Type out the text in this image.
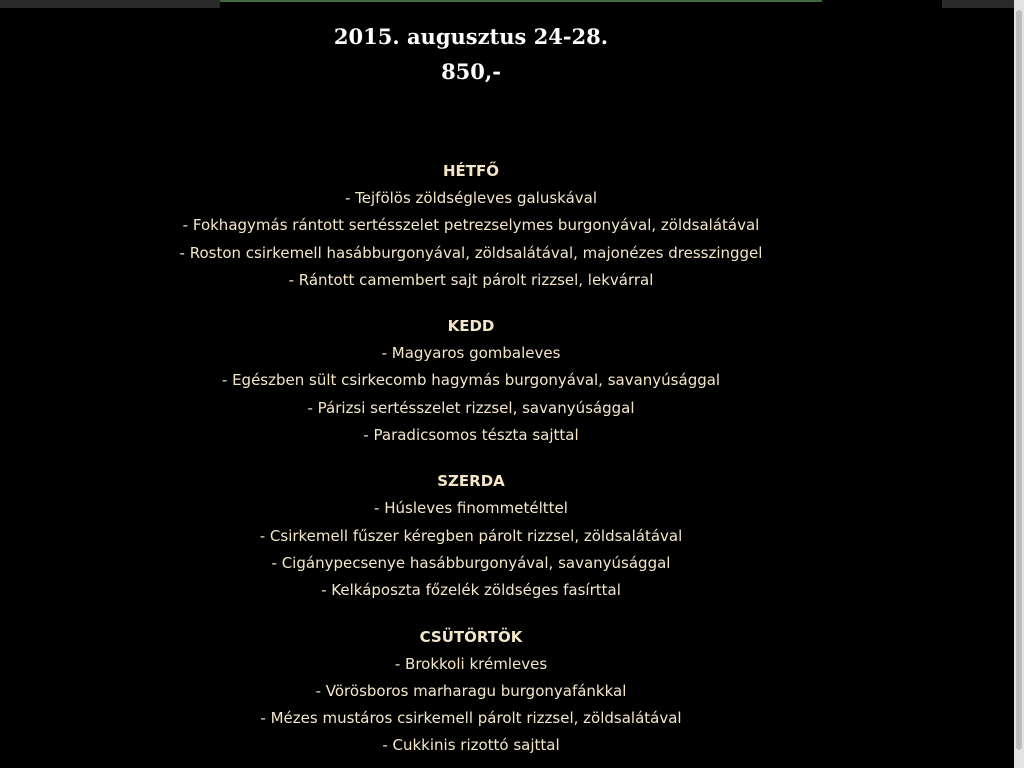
2015. augusztus 24-28.
850,-
HÉTFŐ
- Tejfölös zöldségleves galuskával
- Fokhagymás rántott sertésszelet petrezselymes burgonyával, zöldsalátával
- Roston csirkemell hasábburgonyával, zöldsalátával, majonézes dresszinggel
- Rántott camembert sajt párolt rizzsel, lekvárral
KEDD
- Magyaros gombaleves
- Egészben sült csirkecomb hagymás burgonyával, savanyúsággal
- Párizsi sertésszelet rizzsel, savanyúsággal
- Paradicsomos tészta sajttal
SZERDA
- Húsleves finommetélttel
- Csirkemell fűszer kéregben párolt rizzsel, zöldsalátával
- Cigánypecsenye hasábburgonyával, savanyúsággal
- Kelkáposzta főzelék zöldséges fasírttal
CSÜTÖRTÖK
- Brokkoli krémleves
- Vörösboros marharagu burgonyafánkkal
- Mézes mustáros csirkemell párolt rizzsel, zöldsalátával
- Cukkinis rizottó sajttal
